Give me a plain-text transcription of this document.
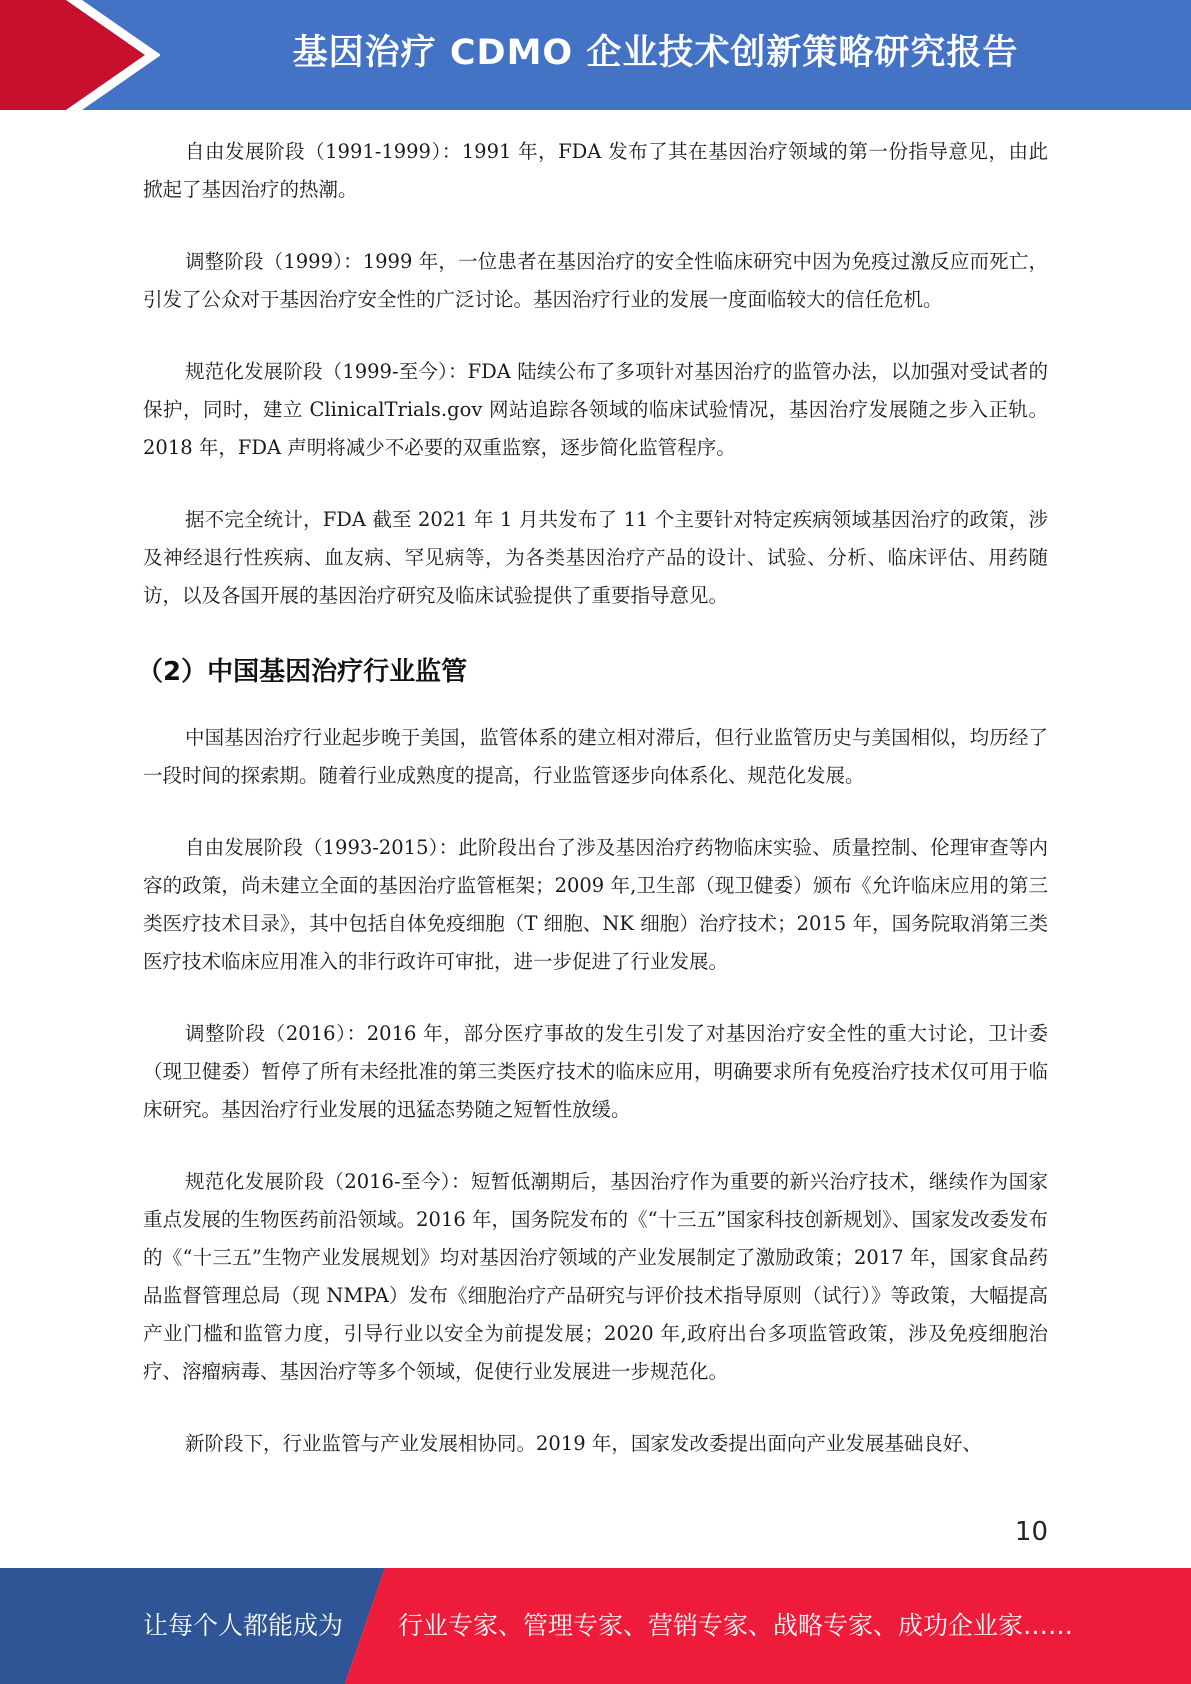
基因治疗 CDMO 企业技术创新策略研究报告

自由发展阶段（1991-1999）：1991 年，FDA 发布了其在基因治疗领域的第一份指导意见，由此掀起了基因治疗的热潮。

调整阶段（1999）：1999 年，一位患者在基因治疗的安全性临床研究中因为免疫过激反应而死亡，引发了公众对于基因治疗安全性的广泛讨论。基因治疗行业的发展一度面临较大的信任危机。

规范化发展阶段（1999-至今）：FDA 陆续公布了多项针对基因治疗的监管办法，以加强对受试者的保护，同时，建立 ClinicalTrials.gov 网站追踪各领域的临床试验情况，基因治疗发展随之步入正轨。2018 年，FDA 声明将减少不必要的双重监察，逐步简化监管程序。

据不完全统计，FDA 截至 2021 年 1 月共发布了 11 个主要针对特定疾病领域基因治疗的政策，涉及神经退行性疾病、血友病、罕见病等，为各类基因治疗产品的设计、试验、分析、临床评估、用药随访，以及各国开展的基因治疗研究及临床试验提供了重要指导意见。

（2）中国基因治疗行业监管

中国基因治疗行业起步晚于美国，监管体系的建立相对滞后，但行业监管历史与美国相似，均历经了一段时间的探索期。随着行业成熟度的提高，行业监管逐步向体系化、规范化发展。

自由发展阶段（1993-2015）：此阶段出台了涉及基因治疗药物临床实验、质量控制、伦理审查等内容的政策，尚未建立全面的基因治疗监管框架；2009 年,卫生部（现卫健委）颁布《允许临床应用的第三类医疗技术目录》，其中包括自体免疫细胞（T 细胞、NK 细胞）治疗技术；2015 年，国务院取消第三类医疗技术临床应用准入的非行政许可审批，进一步促进了行业发展。

调整阶段（2016）：2016 年，部分医疗事故的发生引发了对基因治疗安全性的重大讨论，卫计委（现卫健委）暂停了所有未经批准的第三类医疗技术的临床应用，明确要求所有免疫治疗技术仅可用于临床研究。基因治疗行业发展的迅猛态势随之短暂性放缓。

规范化发展阶段（2016-至今）：短暂低潮期后，基因治疗作为重要的新兴治疗技术，继续作为国家重点发展的生物医药前沿领域。2016 年，国务院发布的《“十三五”国家科技创新规划》、国家发改委发布的《“十三五”生物产业发展规划》均对基因治疗领域的产业发展制定了激励政策；2017 年，国家食品药品监督管理总局（现 NMPA）发布《细胞治疗产品研究与评价技术指导原则（试行）》等政策，大幅提高产业门槛和监管力度，引导行业以安全为前提发展；2020 年,政府出台多项监管政策，涉及免疫细胞治疗、溶瘤病毒、基因治疗等多个领域，促使行业发展进一步规范化。

新阶段下，行业监管与产业发展相协同。2019 年，国家发改委提出面向产业发展基础良好、

10
让每个人都能成为 行业专家、管理专家、营销专家、战略专家、成功企业家……
